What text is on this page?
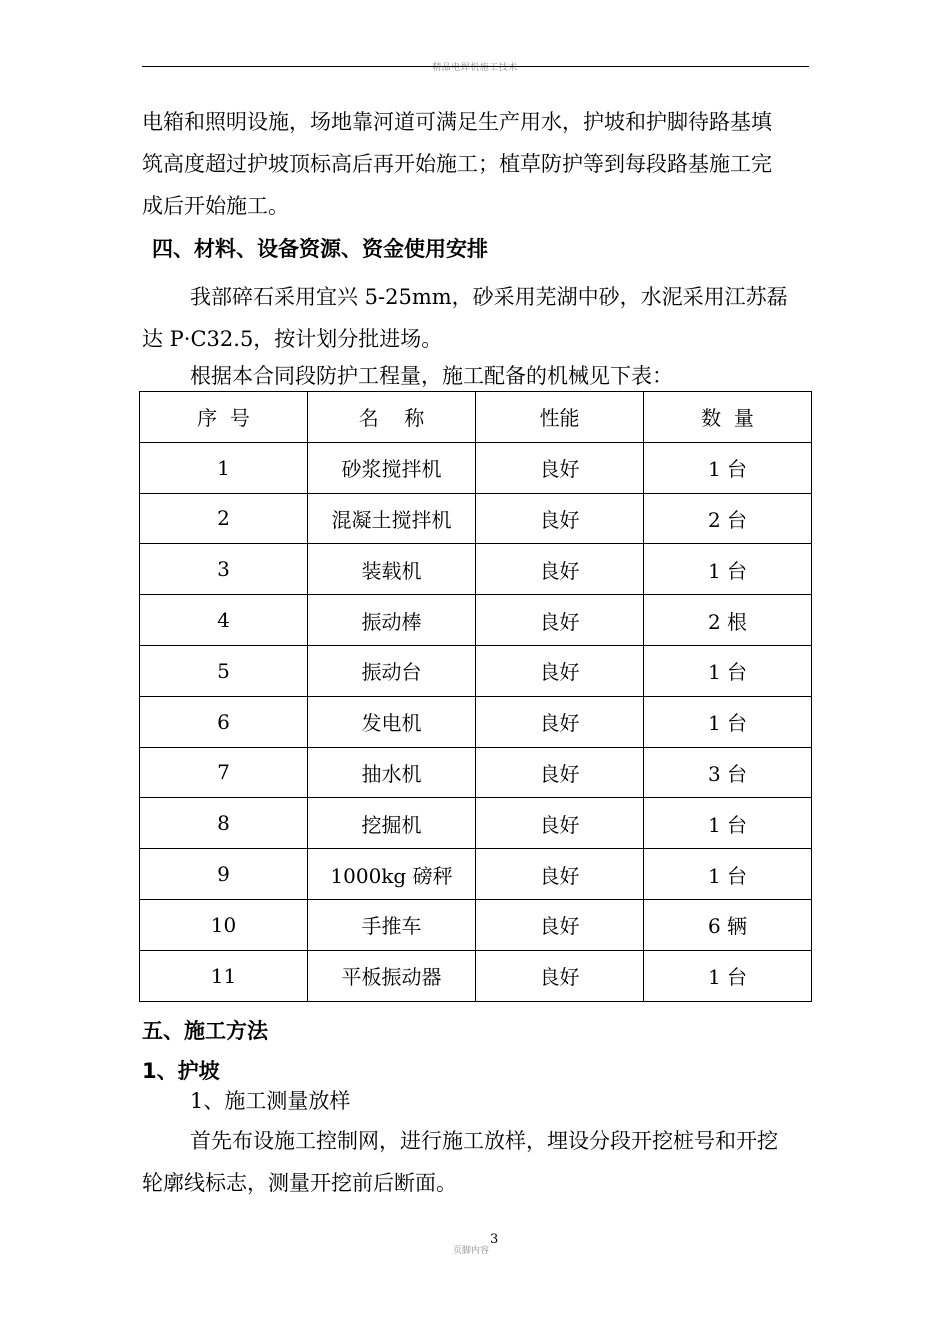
精品电焊机施工技术

电箱和照明设施，场地靠河道可满足生产用水，护坡和护脚待路基填
筑高度超过护坡顶标高后再开始施工；植草防护等到每段路基施工完
成后开始施工。

四、材料、设备资源、资金使用安排

我部碎石采用宜兴 5-25mm，砂采用芜湖中砂，水泥采用江苏磊
达 P·C32.5，按计划分批进场。

根据本合同段防护工程量，施工配备的机械见下表：

序  号	名    称	性能	数  量
1	砂浆搅拌机	良好	1 台
2	混凝土搅拌机	良好	2 台
3	装载机	良好	1 台
4	振动棒	良好	2 根
5	振动台	良好	1 台
6	发电机	良好	1 台
7	抽水机	良好	3 台
8	挖掘机	良好	1 台
9	1000kg 磅秤	良好	1 台
10	手推车	良好	6 辆
11	平板振动器	良好	1 台
五、施工方法
1、护坡

1、施工测量放样

首先布设施工控制网，进行施工放样，埋设分段开挖桩号和开挖
轮廓线标志，测量开挖前后断面。

页脚内容
3
